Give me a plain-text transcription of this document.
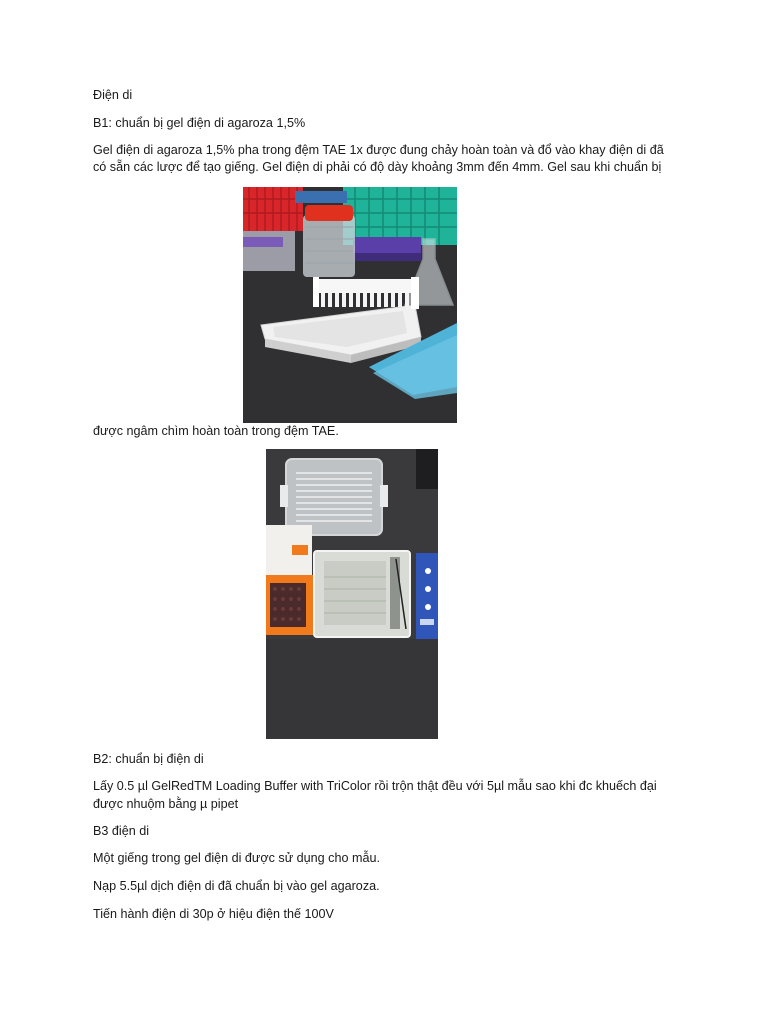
Điện di

B1: chuẩn bị gel điện di agaroza 1,5%

Gel điện di agaroza 1,5% pha trong đệm TAE 1x được đung chảy hoàn toàn và đổ vào khay điện di đã

có sẵn các lược để tạo giếng. Gel điện di phải có độ dày khoảng 3mm đến 4mm. Gel sau khi chuẩn bị

được ngâm chìm hoàn toàn trong đệm TAE.

B2: chuẩn bị điện di

Lấy 0.5 µl GelRedTM Loading Buffer with TriColor rồi trộn thật đều với 5µl mẫu sao khi đc khuếch đại

được nhuộm bằng µ pipet

B3 điện di

Một giếng trong gel điện di được sử dụng cho mẫu.

Nạp 5.5µl dịch điện di đã chuẩn bị vào gel agaroza.

Tiến hành điện di 30p ở hiệu điện thế 100V
